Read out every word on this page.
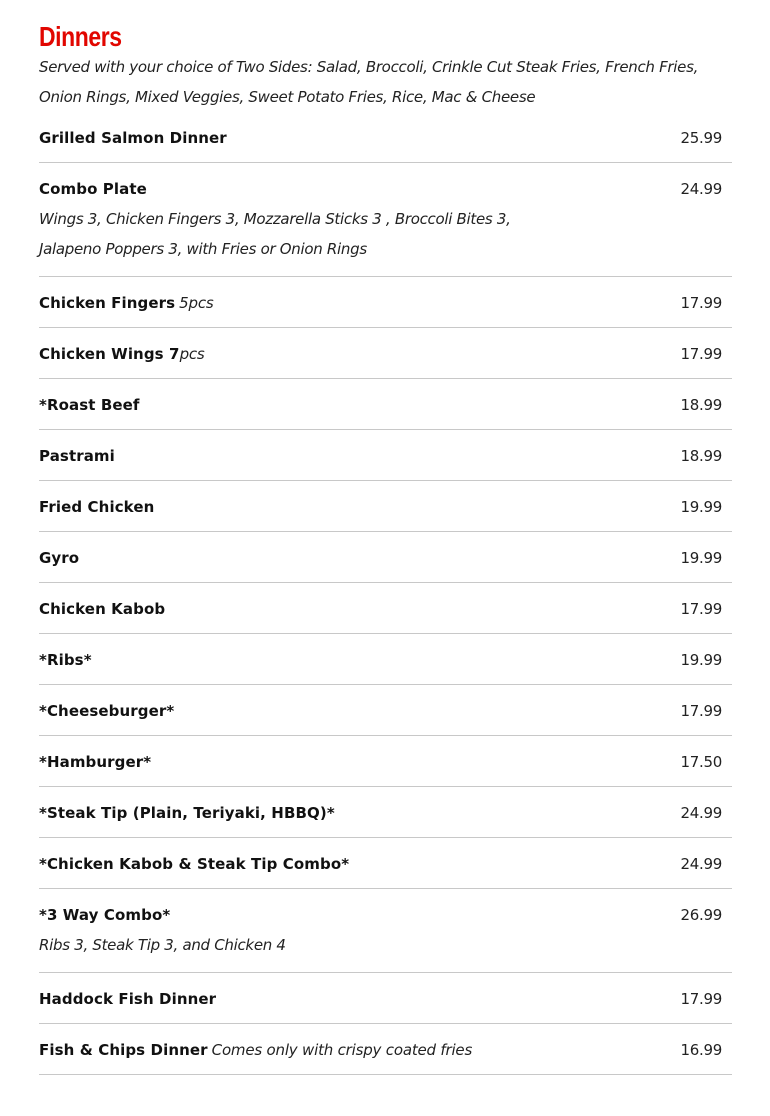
Dinners
Served with your choice of Two Sides: Salad, Broccoli, Crinkle Cut Steak Fries, French Fries,
Onion Rings, Mixed Veggies, Sweet Potato Fries, Rice, Mac & Cheese
Grilled Salmon Dinner	25.99
Combo Plate	24.99
Wings 3, Chicken Fingers 3, Mozzarella Sticks 3 , Broccoli Bites 3,
Jalapeno Poppers 3, with Fries or Onion Rings
Chicken Fingers 5pcs	17.99
Chicken Wings 7 pcs	17.99
*Roast Beef	18.99
Pastrami	18.99
Fried Chicken	19.99
Gyro	19.99
Chicken Kabob	17.99
*Ribs*	19.99
*Cheeseburger*	17.99
*Hamburger*	17.50
*Steak Tip (Plain, Teriyaki, HBBQ)*	24.99
*Chicken Kabob & Steak Tip Combo*	24.99
*3 Way Combo*	26.99
Ribs 3, Steak Tip 3, and Chicken 4
Haddock Fish Dinner	17.99
Fish & Chips Dinner Comes only with crispy coated fries	16.99
